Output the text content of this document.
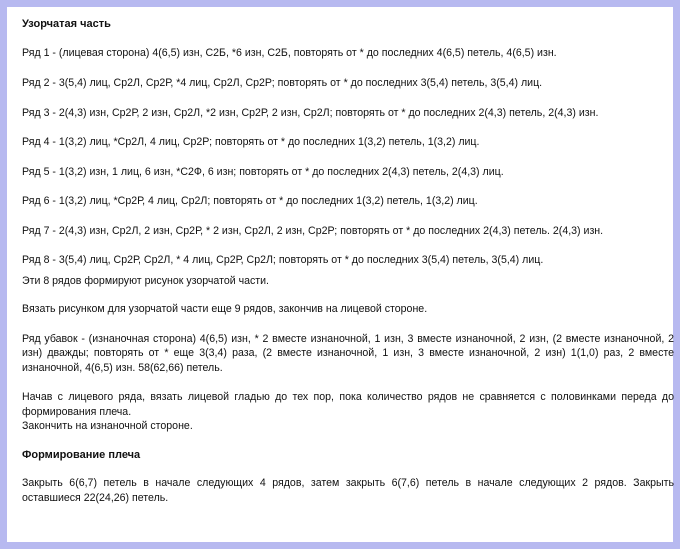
Узорчатая часть

Ряд 1 - (лицевая сторона) 4(6,5) изн, С2Б, *6 изн, С2Б, повторять от * до последних 4(6,5) петель, 4(6,5) изн.

Ряд 2 - 3(5,4) лиц, Ср2Л, Ср2Р, *4 лиц, Ср2Л, Ср2Р; повторять от * до последних 3(5,4) петель, 3(5,4) лиц.

Ряд 3 - 2(4,3) изн, Ср2Р, 2 изн, Ср2Л, *2 изн, Ср2Р, 2 изн, Ср2Л; повторять от * до последних 2(4,3) петель, 2(4,3) изн.

Ряд 4 - 1(3,2) лиц, *Ср2Л, 4 лиц, Ср2Р; повторять от * до последних 1(3,2) петель, 1(3,2) лиц.

Ряд 5 - 1(3,2) изн, 1 лиц, 6 изн, *С2Ф, 6 изн; повторять от * до последних 2(4,3) петель, 2(4,3) лиц.

Ряд 6 - 1(3,2) лиц, *Ср2Р, 4 лиц, Ср2Л; повторять от * до последних 1(3,2) петель, 1(3,2) лиц.

Ряд 7 - 2(4,3) изн, Ср2Л, 2 изн, Ср2Р, * 2 изн, Ср2Л, 2 изн, Ср2Р; повторять от * до последних 2(4,3) петель. 2(4,3) изн.

Ряд 8 - 3(5,4) лиц, Ср2Р, Ср2Л, * 4 лиц, Ср2Р, Ср2Л; повторять от * до последних 3(5,4) петель, 3(5,4) лиц.

Эти 8 рядов формируют рисунок узорчатой части.

Вязать рисунком для узорчатой части еще 9 рядов, закончив на лицевой стороне.

Ряд убавок - (изнаночная сторона) 4(6,5) изн, * 2 вместе изнаночной, 1 изн, 3 вместе изнаночной, 2 изн, (2 вместе изнаночной, 2 изн) дважды; повторять от * еще 3(3,4) раза, (2 вместе изнаночной, 1 изн, 3 вместе изнаночной, 2 изн) 1(1,0) раз, 2 вместе изнаночной, 4(6,5) изн. 58(62,66) петель.

Начав с лицевого ряда, вязать лицевой гладью до тех пор, пока количество рядов не сравняется с половинками переда до формирования плеча.

Закончить на изнаночной стороне.

Формирование плеча

Закрыть 6(6,7) петель в начале следующих 4 рядов, затем закрыть 6(7,6) петель в начале следующих 2 рядов. Закрыть оставшиеся 22(24,26) петель.
